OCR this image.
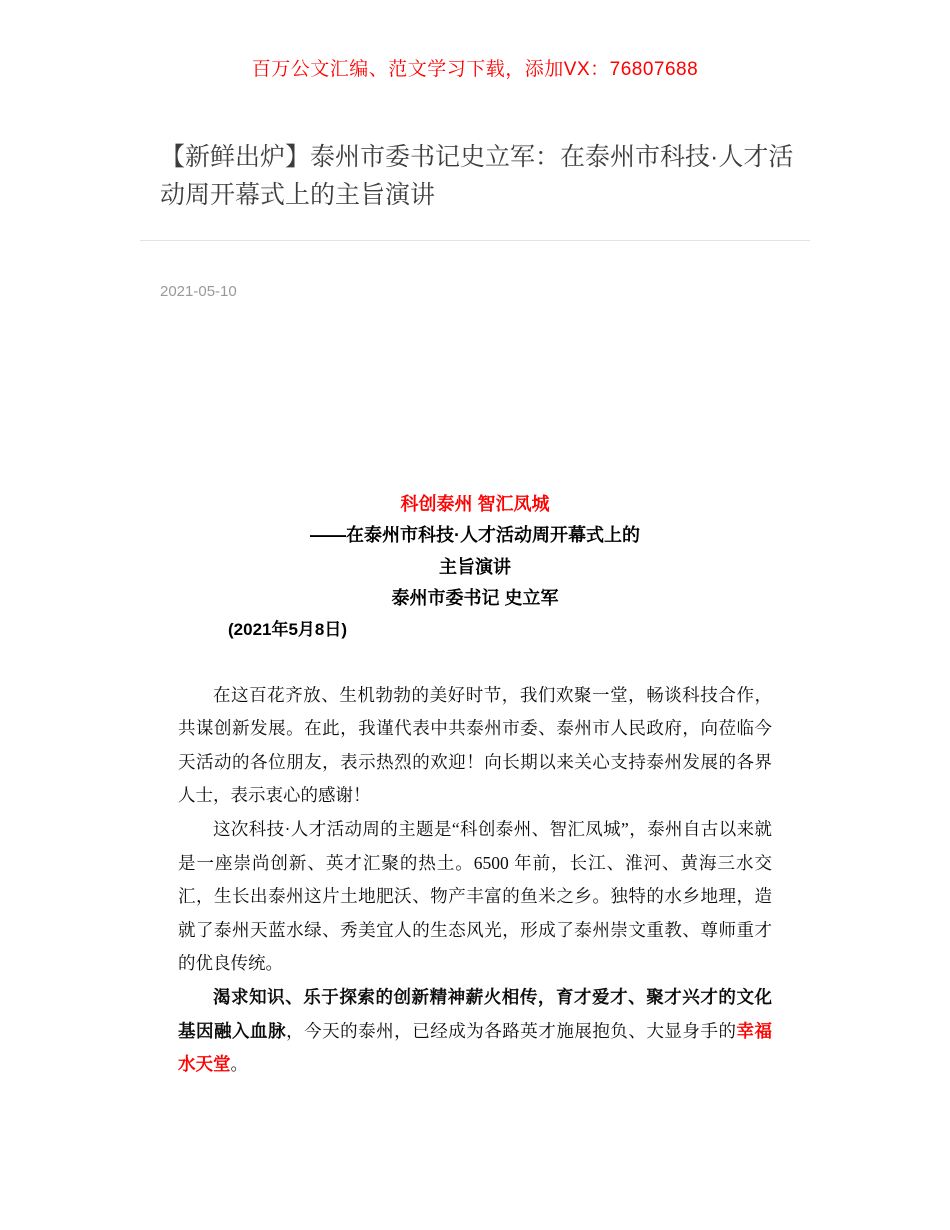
百万公文汇编、范文学习下载，添加VX：76807688
【新鲜出炉】泰州市委书记史立军：在泰州市科技·人才活动周开幕式上的主旨演讲
2021-05-10

科创泰州 智汇凤城

——在泰州市科技·人才活动周开幕式上的

主旨演讲

泰州市委书记 史立军

(2021年5月8日)

在这百花齐放、生机勃勃的美好时节，我们欢聚一堂，畅谈科技合作，共谋创新发展。在此，我谨代表中共泰州市委、泰州市人民政府，向莅临今天活动的各位朋友，表示热烈的欢迎！向长期以来关心支持泰州发展的各界人士，表示衷心的感谢！

这次科技·人才活动周的主题是“科创泰州、智汇凤城”，泰州自古以来就是一座崇尚创新、英才汇聚的热土。6500 年前，长江、淮河、黄海三水交汇，生长出泰州这片土地肥沃、物产丰富的鱼米之乡。独特的水乡地理，造就了泰州天蓝水绿、秀美宜人的生态风光，形成了泰州崇文重教、尊师重才的优良传统。

渴求知识、乐于探索的创新精神薪火相传，育才爱才、聚才兴才的文化基因融入血脉，今天的泰州，已经成为各路英才施展抱负、大显身手的幸福水天堂。
